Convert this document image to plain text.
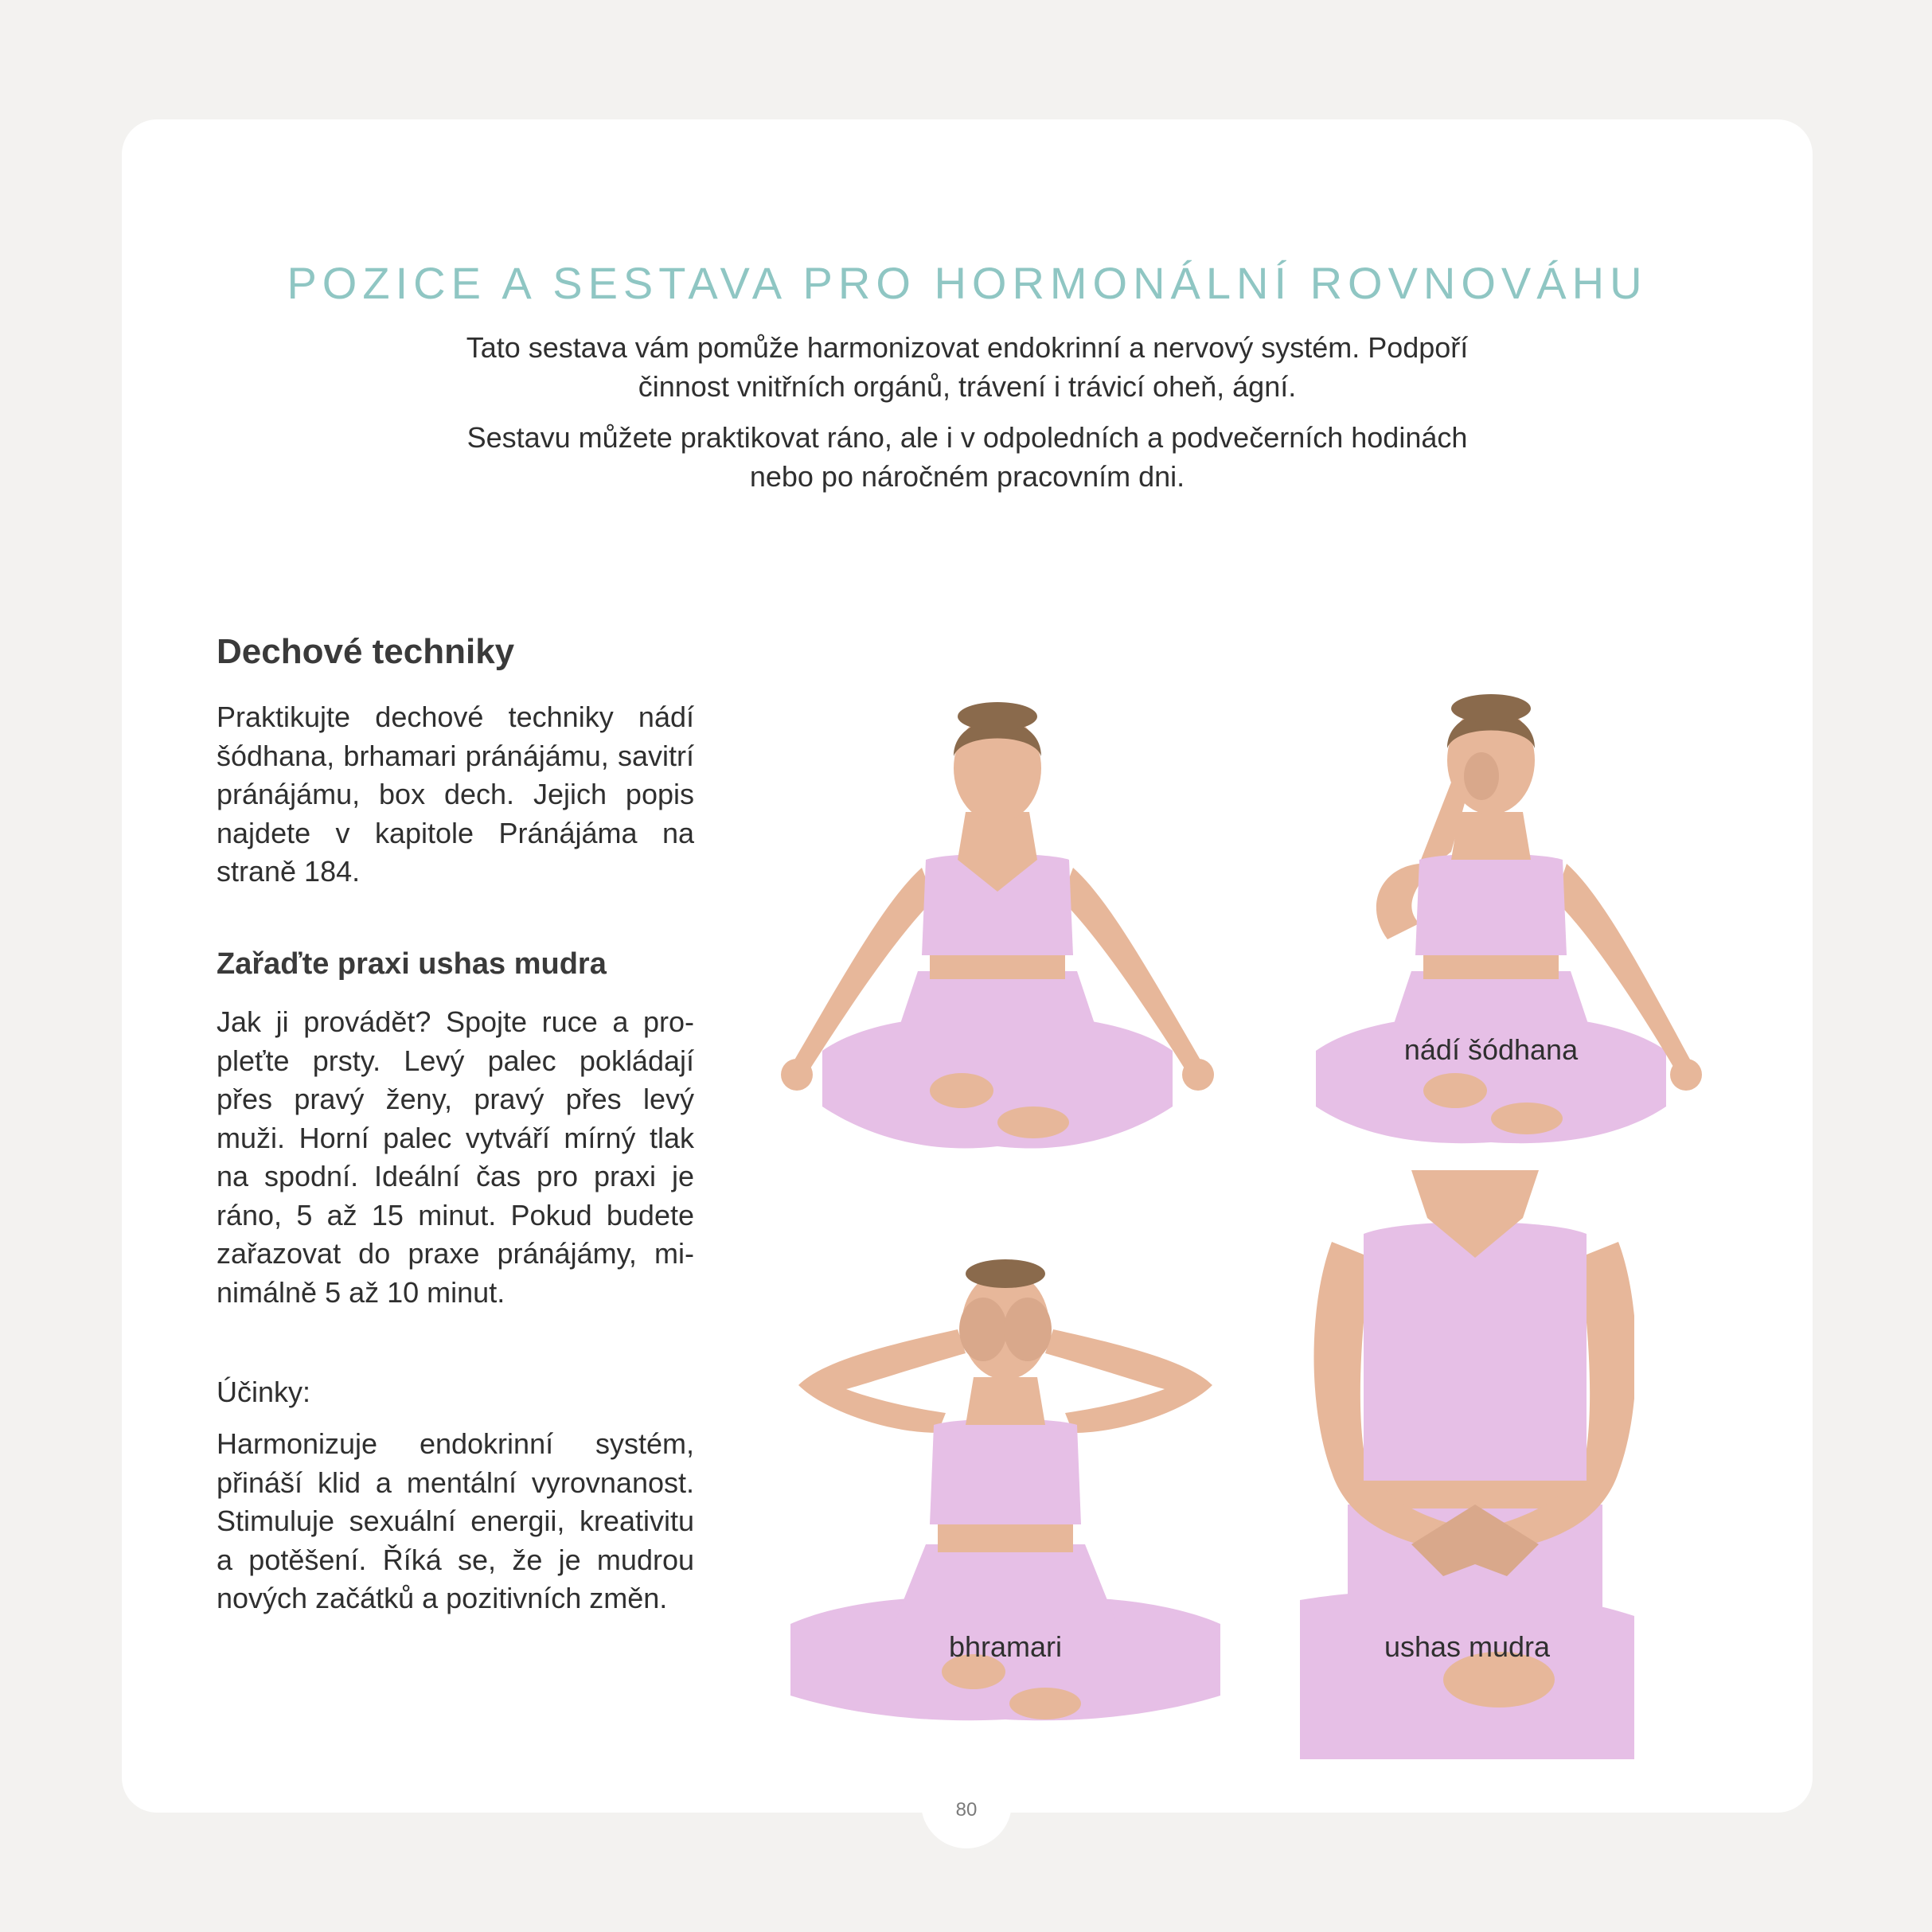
POZICE A SESTAVA PRO HORMONÁLNÍ ROVNOVÁHU

Tato sestava vám pomůže harmonizovat endokrinní a nervový systém. Podpoří činnost vnitřních orgánů, trávení i trávicí oheň, ágní.

Sestavu můžete praktikovat ráno, ale i v odpoledních a podvečerních hodinách nebo po náročném pracovním dni.

Dechové techniky

Praktikujte dechové techniky nádí šódhana, brhamari pránájámu, savitrí pránájámu, box dech. Jejich popis najdete v kapitole Pránájáma na straně 184.

Zařaďte praxi ushas mudra

Jak ji provádět? Spojte ruce a propleťte prsty. Levý palec pokládají přes pravý ženy, pravý přes levý muži. Horní palec vytváří mírný tlak na spodní. Ideální čas pro praxi je ráno, 5 až 15 minut. Pokud budete zařazovat do praxe pránájámy, minimálně 5 až 10 minut.

Účinky:

Harmonizuje endokrinní systém, přináší klid a mentální vyrovnanost. Stimuluje sexuální energii, kreativitu a potěšení. Říká se, že je mudrou nových začátků a pozitivních změn.

nádí šódhana
bhramari	ushas mudra
80
